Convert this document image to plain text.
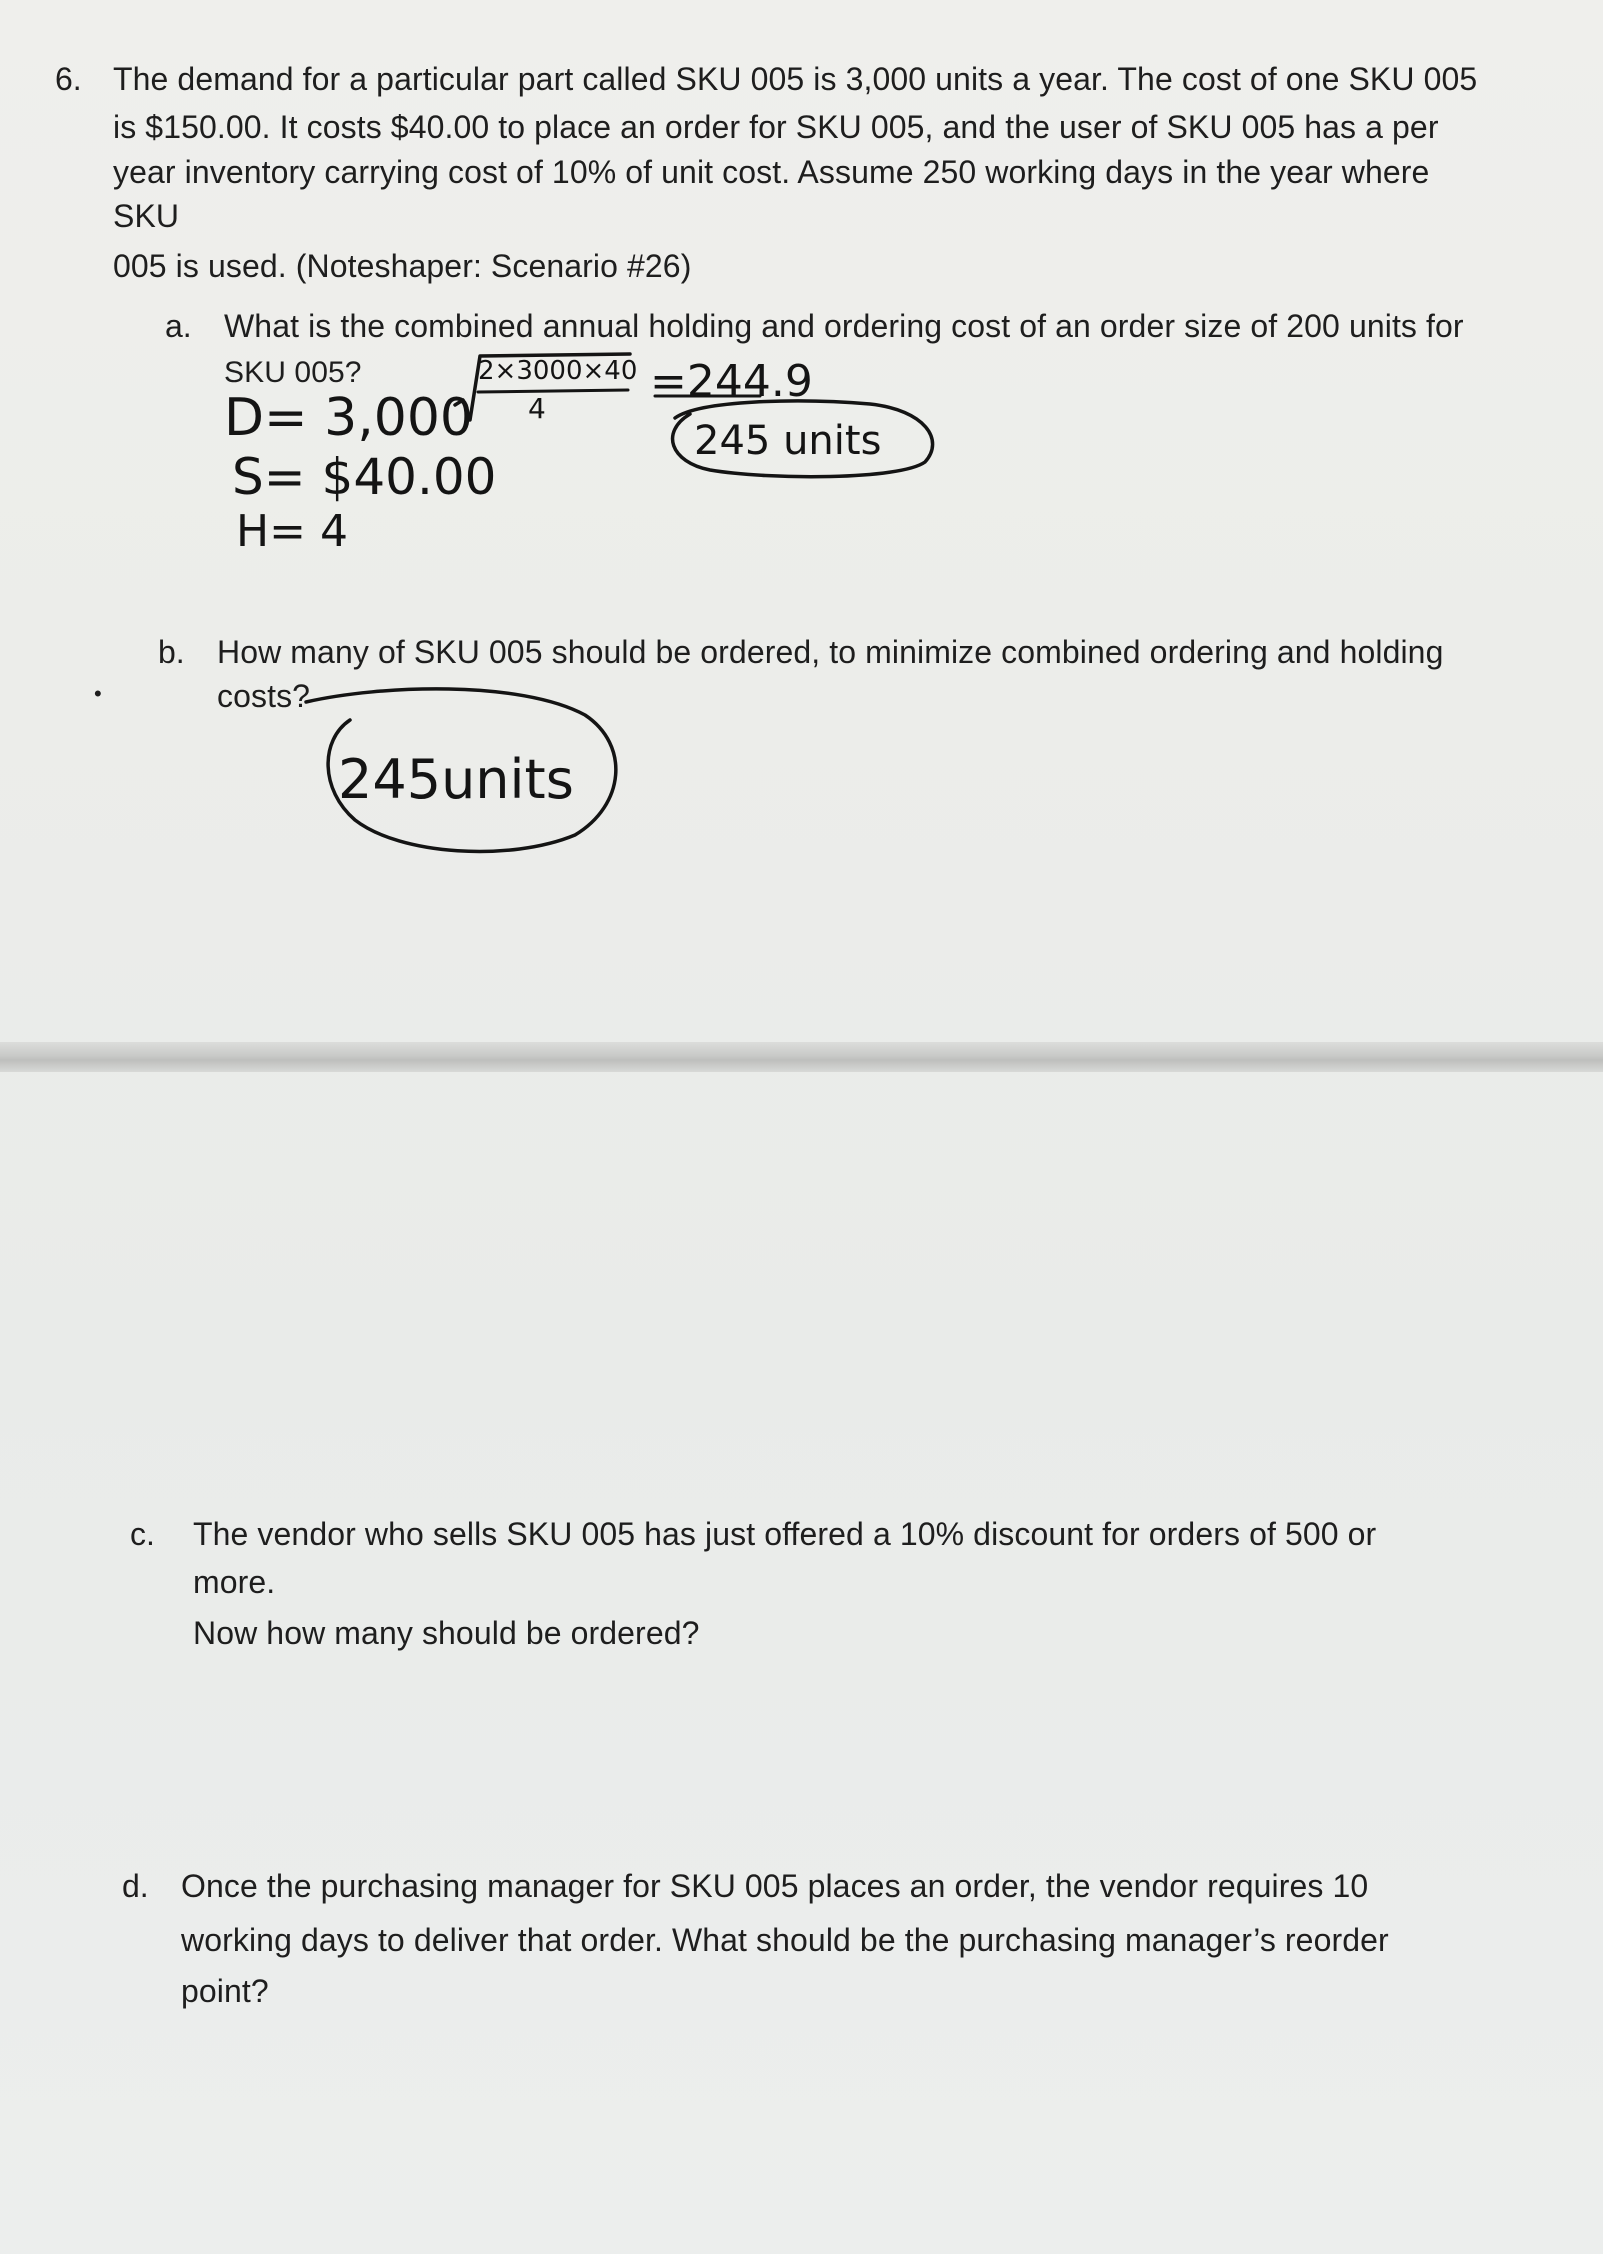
6. The demand for a particular part called SKU 005 is 3,000 units a year. The cost of one SKU 005
is $150.00. It costs $40.00 to place an order for SKU 005, and the user of SKU 005 has a per
year inventory carrying cost of 10% of unit cost. Assume 250 working days in the year where
SKU
005 is used. (Noteshaper: Scenario #26)
a. What is the combined annual holding and ordering cost of an order size of 200 units for
SKU 005?
D= 3,000
S= $40.00
H= 4
2×3000×40
4
=244.9
245 units
b. How many of SKU 005 should be ordered, to minimize combined ordering and holding
costs?
•
245units
c. The vendor who sells SKU 005 has just offered a 10% discount for orders of 500 or
more.
Now how many should be ordered?
d. Once the purchasing manager for SKU 005 places an order, the vendor requires 10
working days to deliver that order. What should be the purchasing manager’s reorder
point?
